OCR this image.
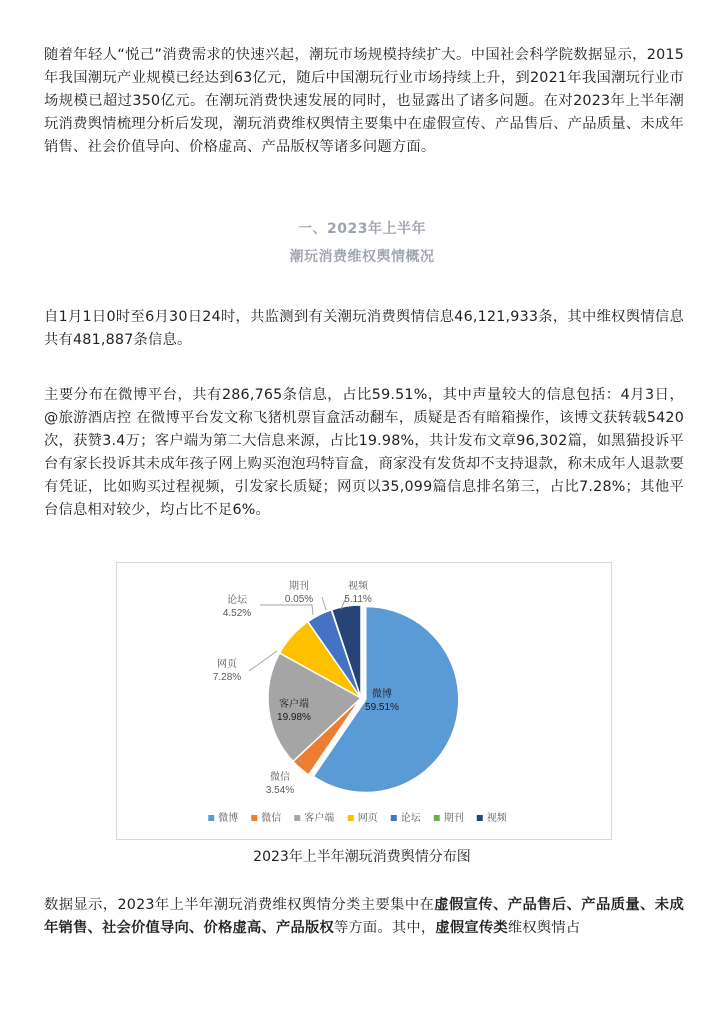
随着年轻人“悦己”消费需求的快速兴起，潮玩市场规模持续扩大。中国社会科学院数据显示，2015年我国潮玩产业规模已经达到63亿元，随后中国潮玩行业市场持续上升，到2021年我国潮玩行业市场规模已超过350亿元。在潮玩消费快速发展的同时，也显露出了诸多问题。在对2023年上半年潮玩消费舆情梳理分析后发现，潮玩消费维权舆情主要集中在虚假宣传、产品售后、产品质量、未成年销售、社会价值导向、价格虚高、产品版权等诸多问题方面。

一、2023年上半年
潮玩消费维权舆情概况

自1月1日0时至6月30日24时，共监测到有关潮玩消费舆情信息46,121,933条，其中维权舆情信息共有481,887条信息。

主要分布在微博平台，共有286,765条信息，占比59.51%，其中声量较大的信息包括：4月3日，@旅游酒店控 在微博平台发文称飞猪机票盲盒活动翻车，质疑是否有暗箱操作，该博文获转载5420次，获赞3.4万；客户端为第二大信息来源，占比19.98%，共计发布文章96,302篇，如黑猫投诉平台有家长投诉其未成年孩子网上购买泡泡玛特盲盒，商家没有发货却不支持退款，称未成年人退款要有凭证，比如购买过程视频，引发家长质疑；网页以35,099篇信息排名第三，占比7.28%；其他平台信息相对较少，均占比不足6%。

微博
59.51%
微信
3.54%
客户端
19.98%
网页
7.28%
论坛
4.52%
期刊
0.05%
视频
5.11%
微博 微信 客户端 网页 论坛 期刊 视频
2023年上半年潮玩消费舆情分布图

数据显示，2023年上半年潮玩消费维权舆情分类主要集中在虚假宣传、产品售后、产品质量、未成年销售、社会价值导向、价格虚高、产品版权等方面。其中，虚假宣传类维权舆情占
